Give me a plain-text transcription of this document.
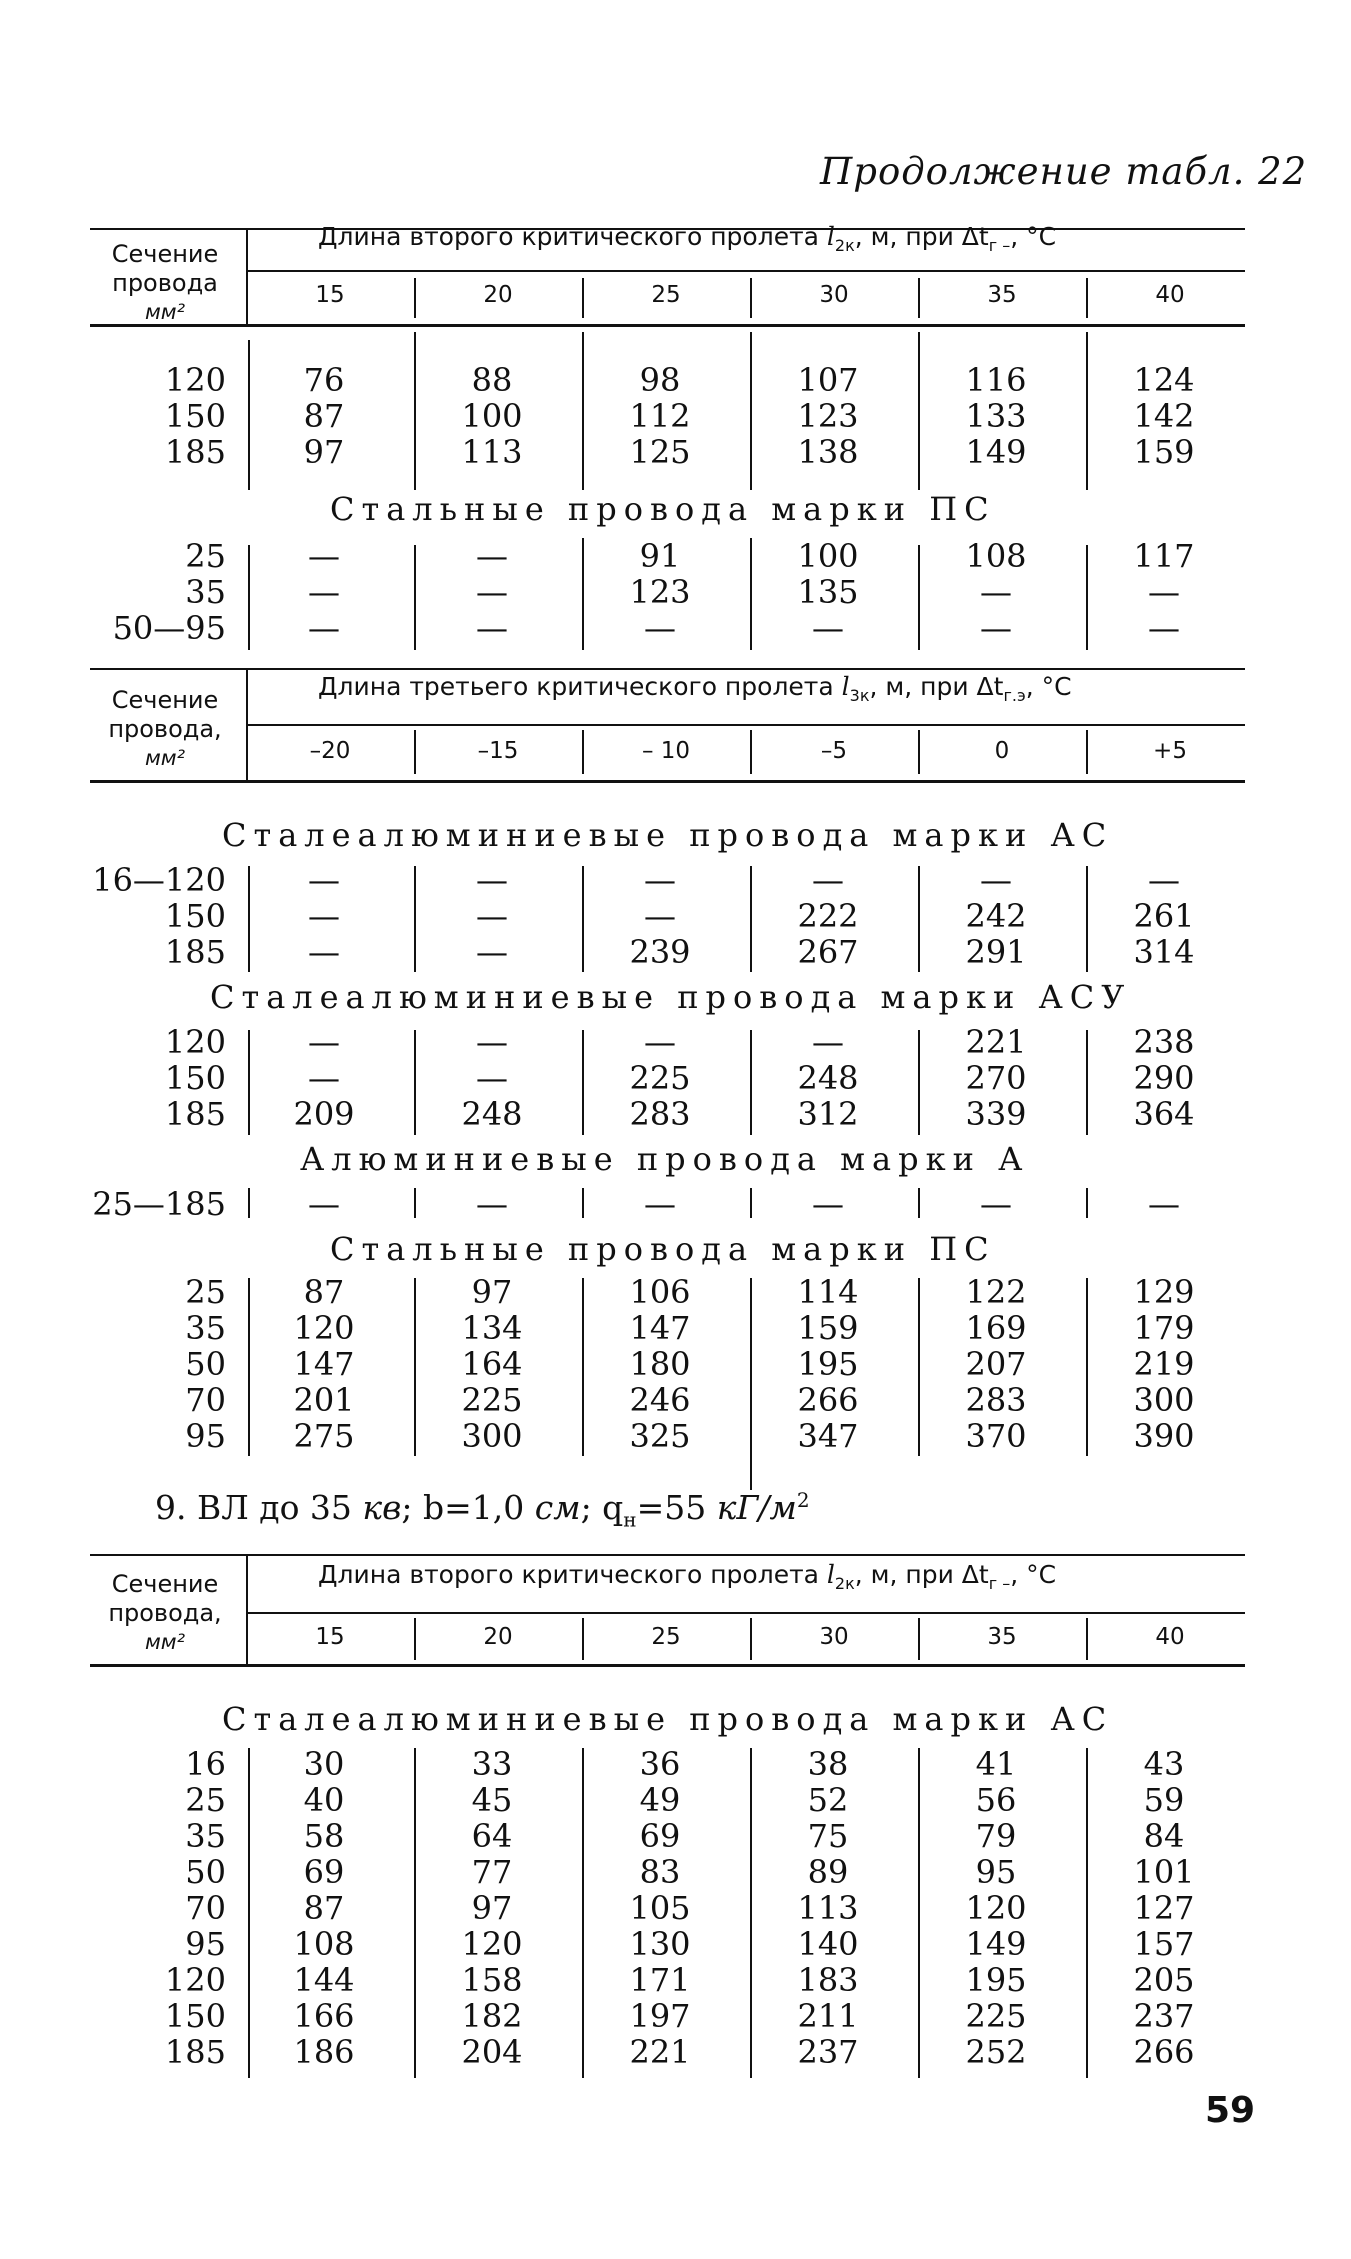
Продолжение табл. 22
59
Сечение
провода
мм²
Длина второго критического пролета $l_{2к}$, м, при $\Delta t_{г -}$, °С
15	20	25	30	35	40
120	76	88	98	107	116	124
150	87	100	112	123	133	142
185	97	113	125	138	149	159
Стальные провода марки ПС
25	—	—	91	100	108	117
35	—	—	123	135	—	—
50—95	—	—	—	—	—	—
Сечение
провода,
мм²
Длина третьего критического пролета $l_{3к}$, м, при $\Delta t_{г.э}$, °С
–20	–15	– 10	–5	0	+5
Сталеалюминиевые провода марки АС
16—120	—	—	—	—	—	—
150	—	—	—	222	242	261
185	—	—	239	267	291	314
Сталеалюминиевые провода марки АСУ
120	—	—	—	—	221	238
150	—	—	225	248	270	290
185	209	248	283	312	339	364
Алюминиевые провода марки А
25—185	—	—	—	—	—	—
Стальные провода марки ПС
25	87	97	106	114	122	129
35	120	134	147	159	169	179
50	147	164	180	195	207	219
70	201	225	246	266	283	300
95	275	300	325	347	370	390
9. ВЛ до 35 кв; b=1,0 см; $q_н=55$ $кГ/м^2$
Сечение
провода,
мм²
Длина второго критического пролета $l_{2к}$, м, при $\Delta t_{г -}$, °С
15	20	25	30	35	40
Сталеалюминиевые провода марки АС
16	30	33	36	38	41	43
25	40	45	49	52	56	59
35	58	64	69	75	79	84
50	69	77	83	89	95	101
70	87	97	105	113	120	127
95	108	120	130	140	149	157
120	144	158	171	183	195	205
150	166	182	197	211	225	237
185	186	204	221	237	252	266
